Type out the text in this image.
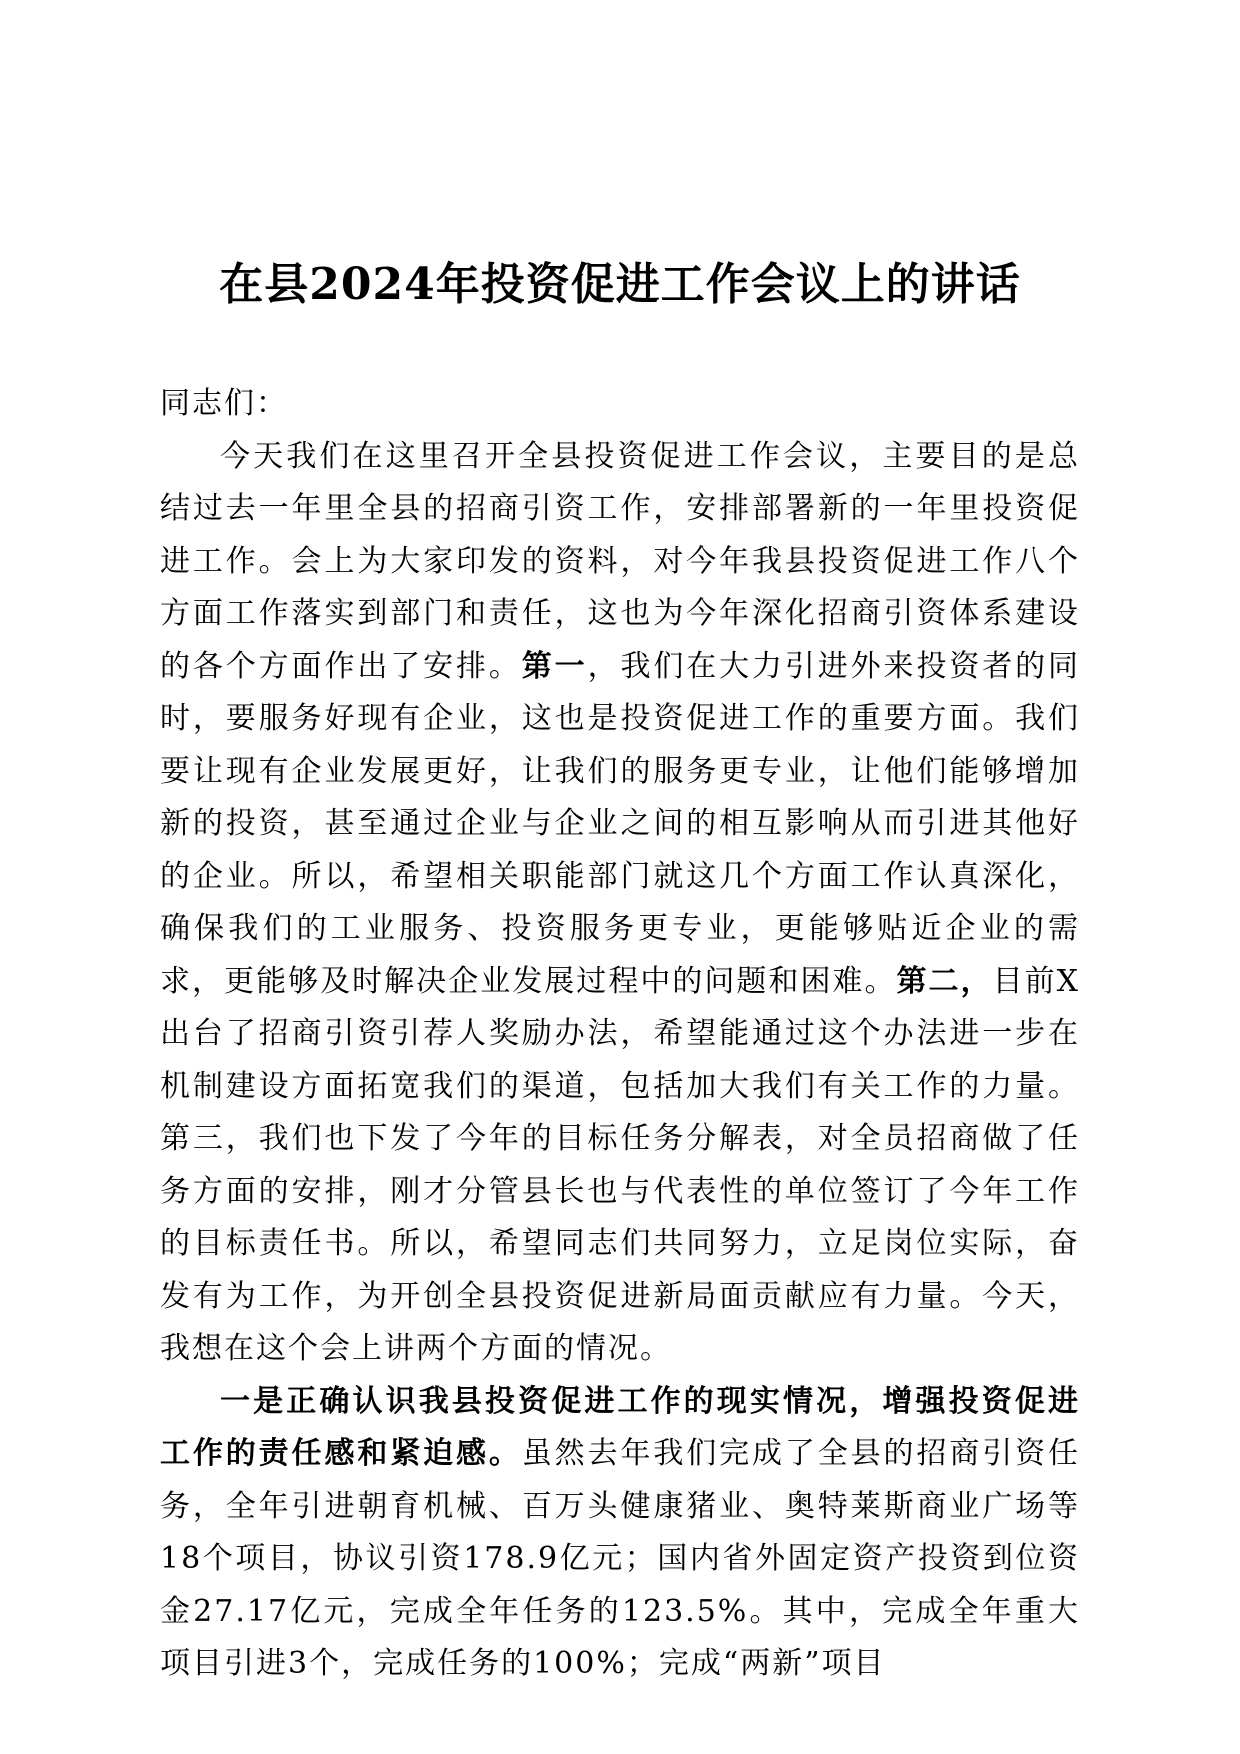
在县2024年投资促进工作会议上的讲话

同志们：

今天我们在这里召开全县投资促进工作会议，主要目的是总结过去一年里全县的招商引资工作，安排部署新的一年里投资促进工作。会上为大家印发的资料，对今年我县投资促进工作八个方面工作落实到部门和责任，这也为今年深化招商引资体系建设的各个方面作出了安排。第一，我们在大力引进外来投资者的同时，要服务好现有企业，这也是投资促进工作的重要方面。我们要让现有企业发展更好，让我们的服务更专业，让他们能够增加新的投资，甚至通过企业与企业之间的相互影响从而引进其他好的企业。所以，希望相关职能部门就这几个方面工作认真深化，确保我们的工业服务、投资服务更专业，更能够贴近企业的需求，更能够及时解决企业发展过程中的问题和困难。第二，目前X出台了招商引资引荐人奖励办法，希望能通过这个办法进一步在机制建设方面拓宽我们的渠道，包括加大我们有关工作的力量。第三，我们也下发了今年的目标任务分解表，对全员招商做了任务方面的安排，刚才分管县长也与代表性的单位签订了今年工作的目标责任书。所以，希望同志们共同努力，立足岗位实际，奋发有为工作，为开创全县投资促进新局面贡献应有力量。今天，我想在这个会上讲两个方面的情况。

一是正确认识我县投资促进工作的现实情况，增强投资促进工作的责任感和紧迫感。虽然去年我们完成了全县的招商引资任务，全年引进朝育机械、百万头健康猪业、奥特莱斯商业广场等18个项目，协议引资178.9亿元；国内省外固定资产投资到位资金27.17亿元，完成全年任务的123.5%。其中，完成全年重大项目引进3个，完成任务的100%；完成“两新”项目
